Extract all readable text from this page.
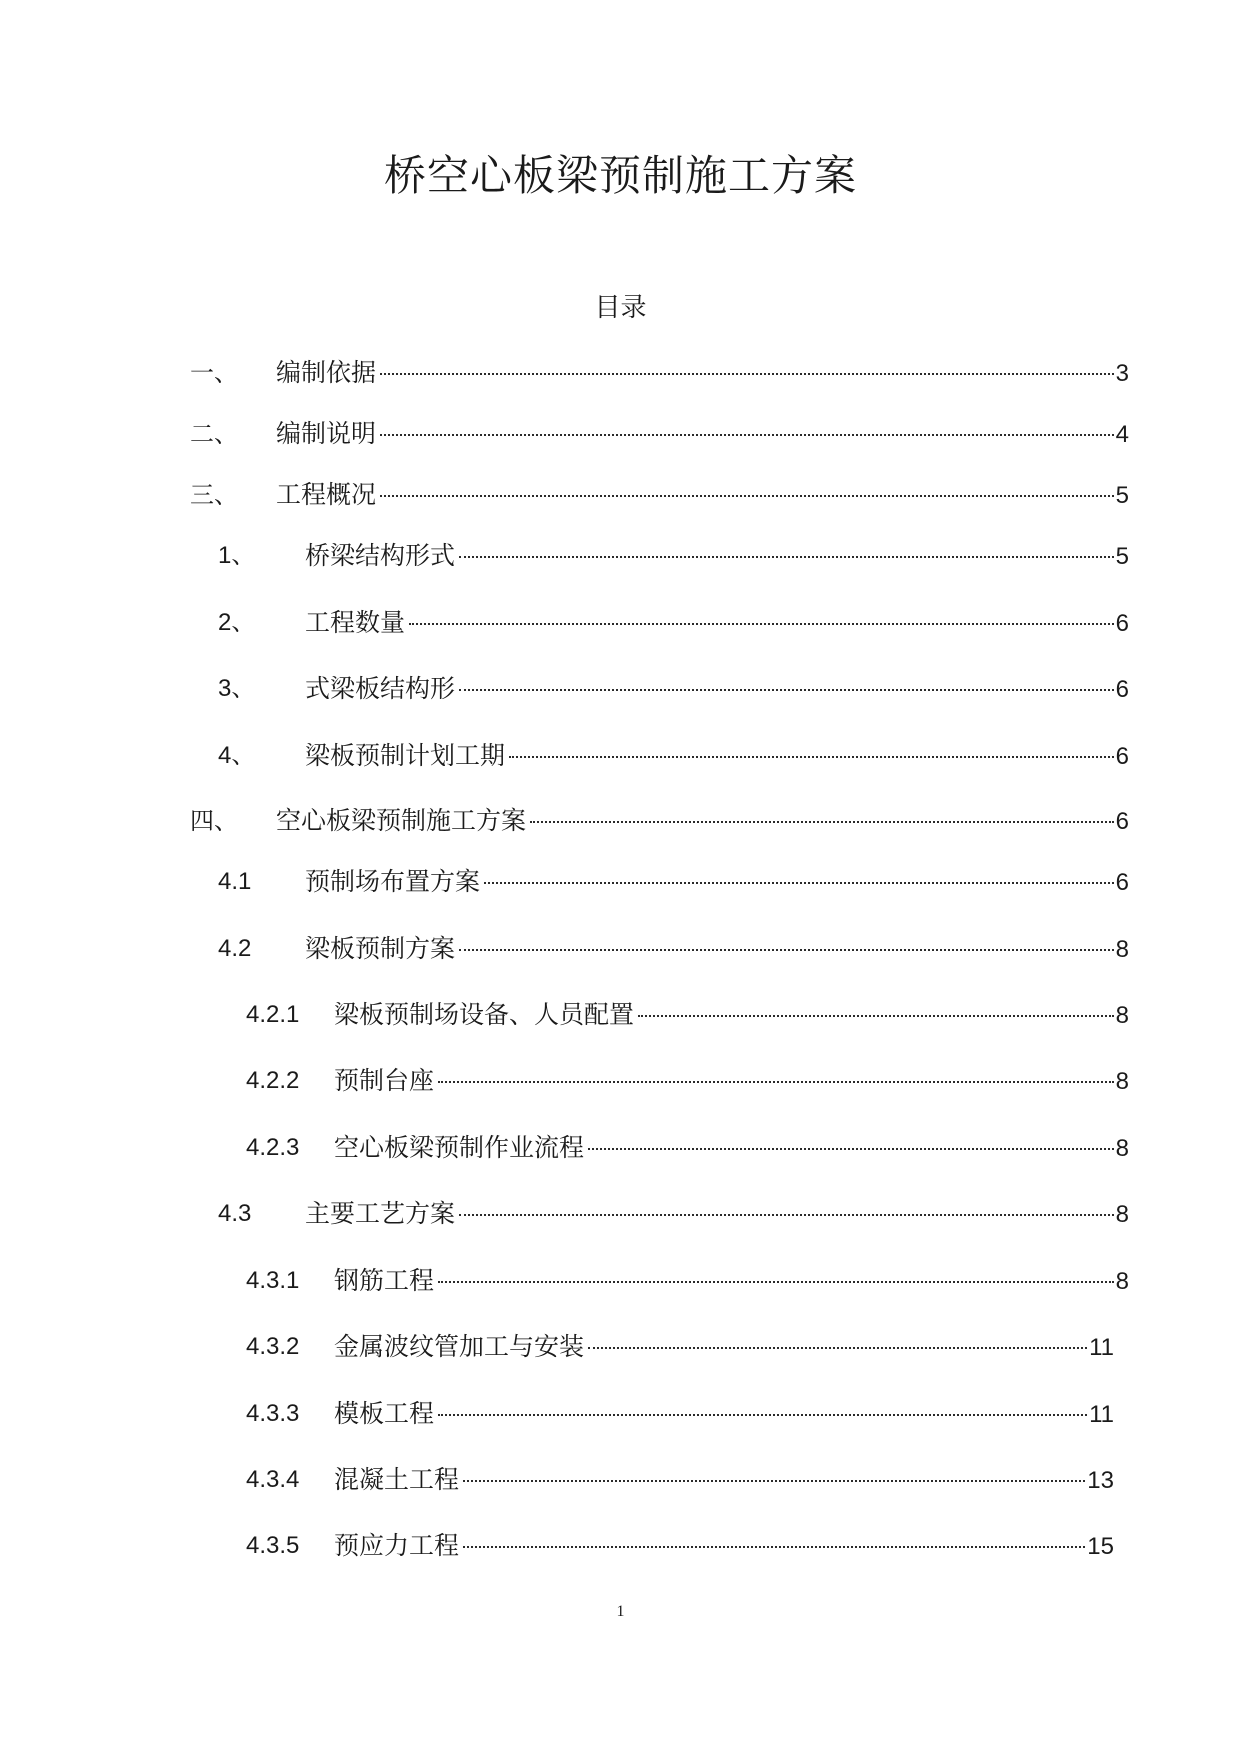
桥空心板梁预制施工方案
目录
一、 编制依据	3
二、 编制说明	4
三、 工程概况	5
1、 桥梁结构形式	5
2、 工程数量	6
3、 式梁板结构形	6
4、 梁板预制计划工期	6
四、 空心板梁预制施工方案	6
4.1 预制场布置方案	6
4.2 梁板预制方案	8
4.2.1 梁板预制场设备、人员配置	8
4.2.2 预制台座	8
4.2.3 空心板梁预制作业流程	8
4.3 主要工艺方案	8
4.3.1 钢筋工程	8
4.3.2 金属波纹管加工与安装	11
4.3.3 模板工程	11
4.3.4 混凝土工程	13
4.3.5 预应力工程	15
1
